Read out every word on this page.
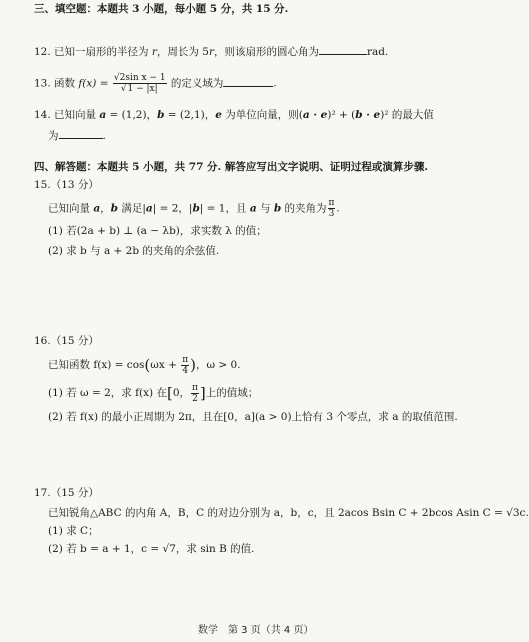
三、填空题：本题共 3 小题，每小题 5 分，共 15 分.
12. 已知一扇形的半径为 r，周长为 5r，则该扇形的圆心角为	rad.
13. 函数 $f(x) = \frac{\text{√2sin x − 1}}{√1 - |x|}$ 的定义域为	.
14. 已知向量 a = (1,2)，b = (2,1)，e 为单位向量，则(a · e)² + (b · e)² 的最大值
为	.
四、解答题：本题共 5 小题，共 77 分. 解答应写出文字说明、证明过程或演算步骤.
15.（13 分）
已知向量 a，b 满足|a| = 2，|b| = 1，且 a 与 b 的夹角为 $\frac{\pi}{3}$ .
(1) 若(2a + b) ⊥ (a − λb)，求实数 λ 的值；
(2) 求 b 与 a + 2b 的夹角的余弦值.
16.（15 分）
已知函数 $f(x) = \cos(\omega x + \frac{\pi}{4}$ )，ω > 0.
(1) 若 ω = 2，求 f(x) 在[0， $\frac{\pi}{2}$ ]上的值域；
(2) 若 f(x) 的最小正周期为 2π，且在[0，a](a > 0)上恰有 3 个零点，求 a 的取值范围.
17.（15 分）
已知锐角△ABC 的内角 A，B，C 的对边分别为 a，b，c，且 2acos Bsin C + 2bcos Asin C = √3c.
(1) 求 C；
(2) 若 b = a + 1，c = √7，求 sin B 的值.
数学　第 3 页（共 4 页）
